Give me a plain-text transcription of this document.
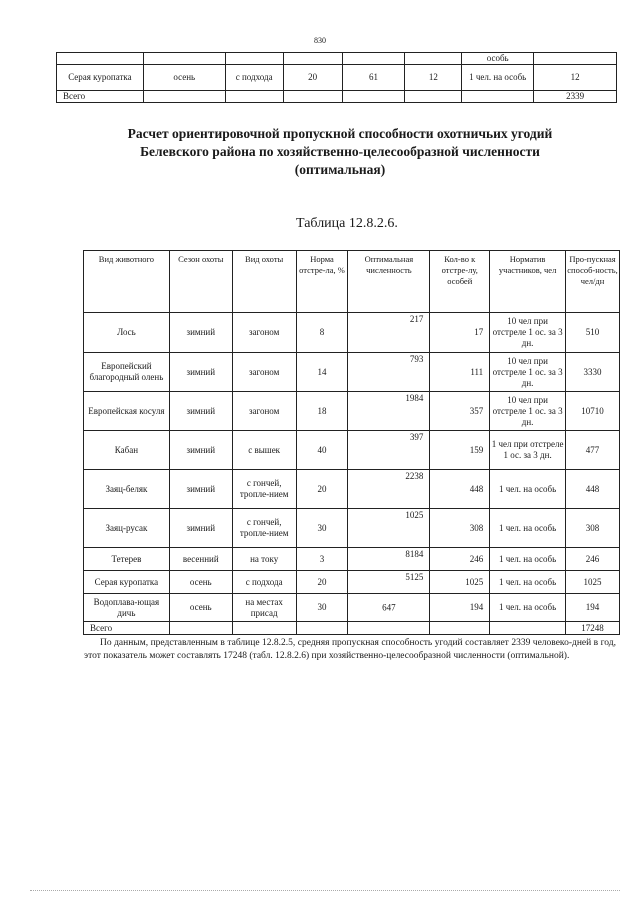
830
						особь	
Серая куропатка	осень	с подхода	20	61	12	1 чел. на особь	12
Всего							2339
Расчет ориентировочной пропускной способности охотничьих угодий
Белевского района по хозяйственно-целесообразной численности
(оптимальная)
Таблица 12.8.2.6.
Вид животного	Сезон охоты	Вид охоты	Норма отстре-ла, %	Оптимальная численность	Кол-во к отстре-лу, особей	Норматив участников, чел	Про-пускная способ-ность, чел/дн
Лось	зимний	загоном	8	217	17	10 чел при отстреле 1 ос. за 3 дн.	510
Европейский благородный олень	зимний	загоном	14	793	111	10 чел при отстреле 1 ос. за 3 дн.	3330
Европейская косуля	зимний	загоном	18	1984	357	10 чел при отстреле 1 ос. за 3 дн.	10710
Кабан	зимний	с вышек	40	397	159	1 чел при отстреле 1 ос. за 3 дн.	477
Заяц-беляк	зимний	с гончей, тропле-нием	20	2238	448	1 чел. на особь	448
Заяц-русак	зимний	с гончей, тропле-нием	30	1025	308	1 чел. на особь	308
Тетерев	весенний	на току	3	8184	246	1 чел. на особь	246
Серая куропатка	осень	с подхода	20	5125	1025	1 чел. на особь	1025
Водоплава-ющая дичь	осень	на местах присад	30	647	194	1 чел. на особь	194
Всего							17248
По данным, представленным в таблице 12.8.2.5, средняя пропускная способность угодий составляет 2339 человеко-дней в год, этот показатель может составлять 17248 (табл. 12.8.2.6) при хозяйственно-целесообразной численности (оптимальной).
